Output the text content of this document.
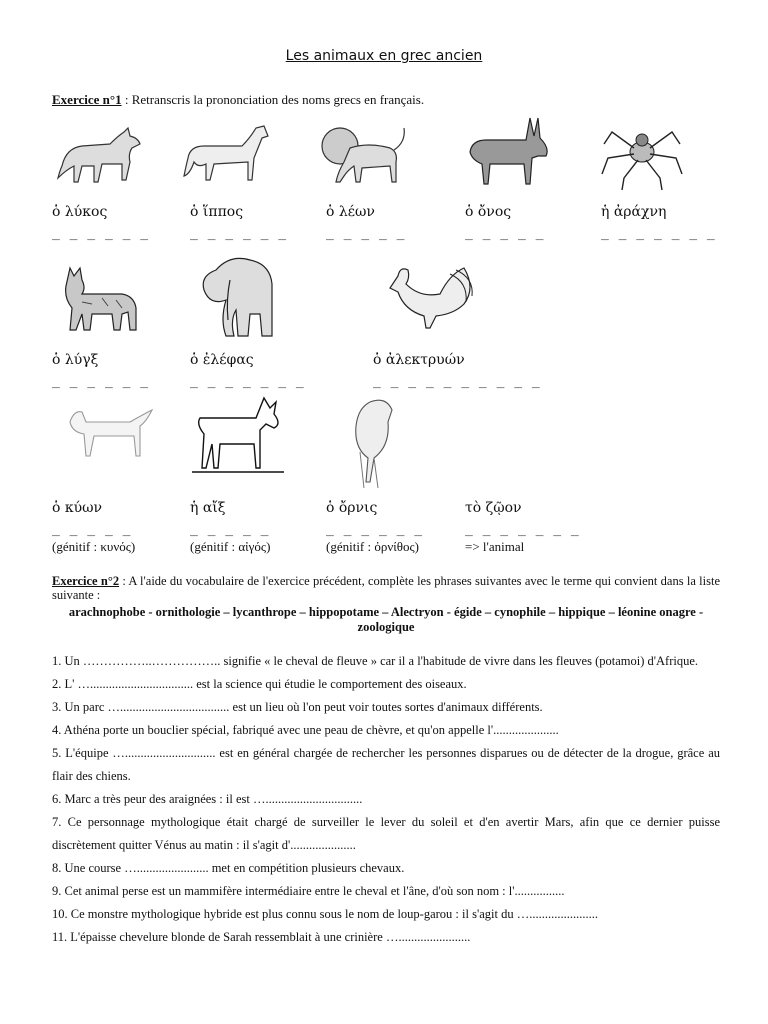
Les animaux en grec ancien
Exercice n°1 : Retranscris la prononciation des noms grecs en français.
ὁ λύκος	ὁ ἵππος	ὁ λέων	ὁ ὄνος	ἡ ἀράχνη
_ _ _ _ _ _	_ _ _ _ _ _	_ _ _ _ _	_ _ _ _ _	_ _ _ _ _ _ _
ὁ λύγξ	ὁ ἐλέφας	ὁ ἀλεκτρυών
_ _ _ _ _ _	_ _ _ _ _ _ _	_ _ _ _ _ _ _ _ _ _
ὁ κύων	ἡ αἴξ	ὁ ὄρνις	τὸ ζῷον
_ _ _ _ _	_ _ _ _ _	_ _ _ _ _ _	_ _ _ _ _ _ _
(génitif : κυνός)	(génitif : αἰγός)	(génitif : ὀρνίθος)	=> l'animal
Exercice n°2 : A l'aide du vocabulaire de l'exercice précédent, complète les phrases suivantes avec le terme qui convient dans la liste suivante :
arachnophobe - ornithologie – lycanthrope – hippopotame – Alectryon - égide – cynophile – hippique – léonine onagre - zoologique

1. Un ……………..…………….. signifie « le cheval de fleuve » car il a l'habitude de vivre dans les fleuves (potamoi) d'Afrique.

2. L' …................................. est la science qui étudie le comportement des oiseaux.

3. Un parc …................................... est un lieu où l'on peut voir toutes sortes d'animaux différents.

4. Athéna porte un bouclier spécial, fabriqué avec une peau de chèvre, et qu'on appelle l'.....................

5. L'équipe …............................. est en général chargée de rechercher les personnes disparues ou de détecter de la drogue, grâce au flair des chiens.

6. Marc a très peur des araignées : il est …...............................

7. Ce personnage mythologique était chargé de surveiller le lever du soleil et d'en avertir Mars, afin que ce dernier puisse discrètement quitter Vénus au matin : il s'agit d'.....................

8. Une course …....................... met en compétition plusieurs chevaux.

9. Cet animal perse est un mammifère intermédiaire entre le cheval et l'âne, d'où son nom : l'................

10. Ce monstre mythologique hybride est plus connu sous le nom de loup-garou : il s'agit du …......................

11. L'épaisse chevelure blonde de Sarah ressemblait à une crinière ….......................
